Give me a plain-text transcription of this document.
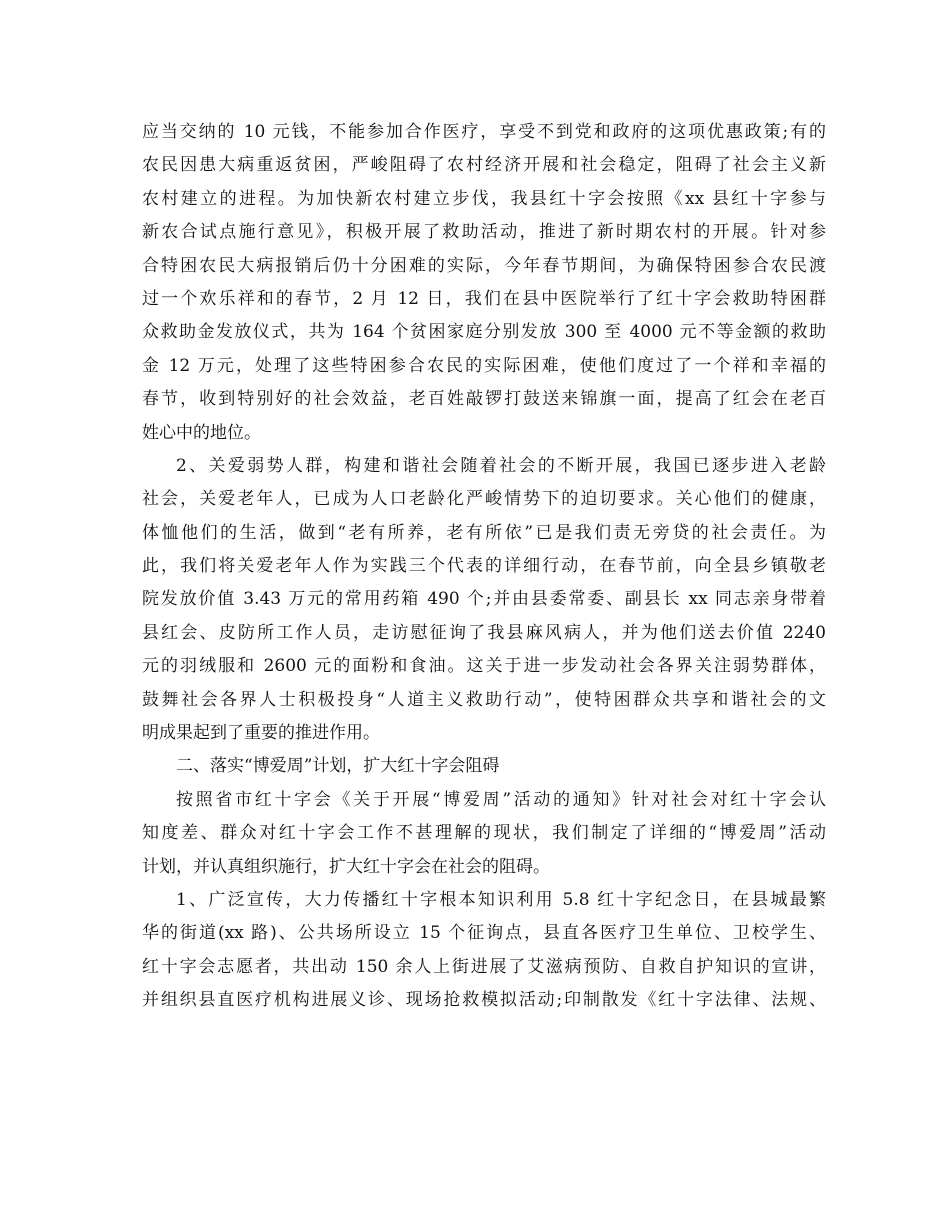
应当交纳的 10 元钱，不能参加合作医疗，享受不到党和政府的这项优惠政策;有的
农民因患大病重返贫困，严峻阻碍了农村经济开展和社会稳定，阻碍了社会主义新
农村建立的进程。为加快新农村建立步伐，我县红十字会按照《xx 县红十字参与
新农合试点施行意见》，积极开展了救助活动，推进了新时期农村的开展。针对参
合特困农民大病报销后仍十分困难的实际，今年春节期间，为确保特困参合农民渡
过一个欢乐祥和的春节，2 月 12 日，我们在县中医院举行了红十字会救助特困群
众救助金发放仪式，共为 164 个贫困家庭分别发放 300 至 4000 元不等金额的救助
金 12 万元，处理了这些特困参合农民的实际困难，使他们度过了一个祥和幸福的
春节，收到特别好的社会效益，老百姓敲锣打鼓送来锦旗一面，提高了红会在老百
姓心中的地位。
2、关爱弱势人群，构建和谐社会随着社会的不断开展，我国已逐步进入老龄
社会，关爱老年人，已成为人口老龄化严峻情势下的迫切要求。关心他们的健康，
体恤他们的生活，做到“老有所养，老有所依”已是我们责无旁贷的社会责任。为
此，我们将关爱老年人作为实践三个代表的详细行动，在春节前，向全县乡镇敬老
院发放价值 3.43 万元的常用药箱 490 个;并由县委常委、副县长 xx 同志亲身带着
县红会、皮防所工作人员，走访慰征询了我县麻风病人，并为他们送去价值 2240
元的羽绒服和 2600 元的面粉和食油。这关于进一步发动社会各界关注弱势群体，
鼓舞社会各界人士积极投身“人道主义救助行动”，使特困群众共享和谐社会的文
明成果起到了重要的推进作用。
二、落实“博爱周”计划，扩大红十字会阻碍
按照省市红十字会《关于开展“博爱周”活动的通知》针对社会对红十字会认
知度差、群众对红十字会工作不甚理解的现状，我们制定了详细的“博爱周”活动
计划，并认真组织施行，扩大红十字会在社会的阻碍。
1、广泛宣传，大力传播红十字根本知识利用 5.8 红十字纪念日，在县城最繁
华的街道(xx 路)、公共场所设立 15 个征询点，县直各医疗卫生单位、卫校学生、
红十字会志愿者，共出动 150 余人上街进展了艾滋病预防、自救自护知识的宣讲，
并组织县直医疗机构进展义诊、现场抢救模拟活动;印制散发《红十字法律、法规、
